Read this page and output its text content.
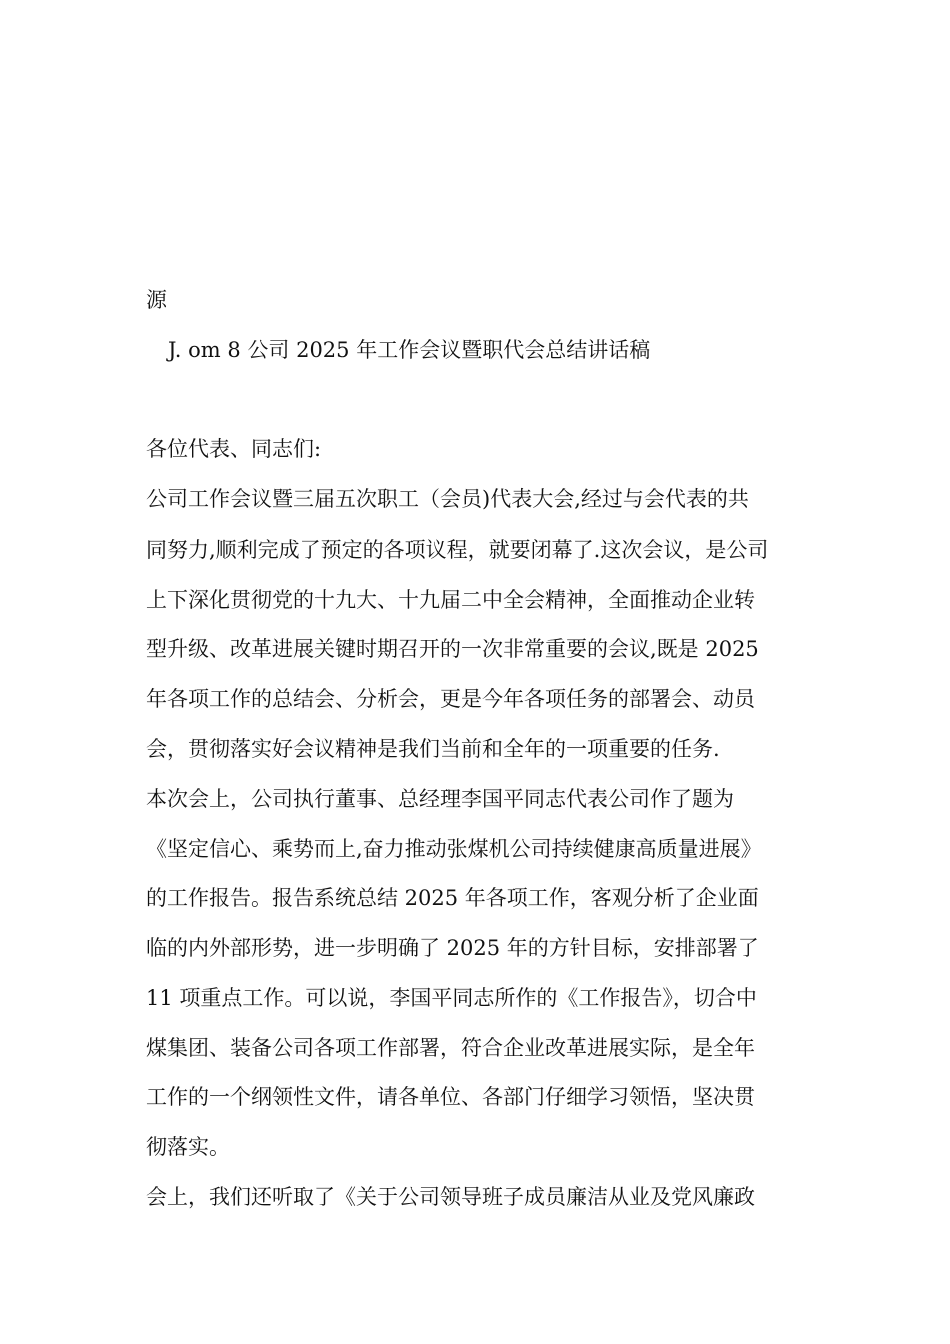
源
J. om 8 公司 2025 年工作会议暨职代会总结讲话稿
各位代表、同志们:
公司工作会议暨三届五次职工（会员)代表大会,经过与会代表的共
同努力,顺利完成了预定的各项议程，就要闭幕了.这次会议，是公司
上下深化贯彻党的十九大、十九届二中全会精神，全面推动企业转
型升级、改革进展关键时期召开的一次非常重要的会议,既是 2025
年各项工作的总结会、分析会，更是今年各项任务的部署会、动员
会，贯彻落实好会议精神是我们当前和全年的一项重要的任务.
本次会上，公司执行董事、总经理李国平同志代表公司作了题为
《坚定信心、乘势而上,奋力推动张煤机公司持续健康高质量进展》
的工作报告。报告系统总结 2025 年各项工作，客观分析了企业面
临的内外部形势，进一步明确了 2025 年的方针目标，安排部署了
11 项重点工作。可以说，李国平同志所作的《工作报告》，切合中
煤集团、装备公司各项工作部署，符合企业改革进展实际，是全年
工作的一个纲领性文件，请各单位、各部门仔细学习领悟，坚决贯
彻落实。
会上，我们还听取了《关于公司领导班子成员廉洁从业及党风廉政
